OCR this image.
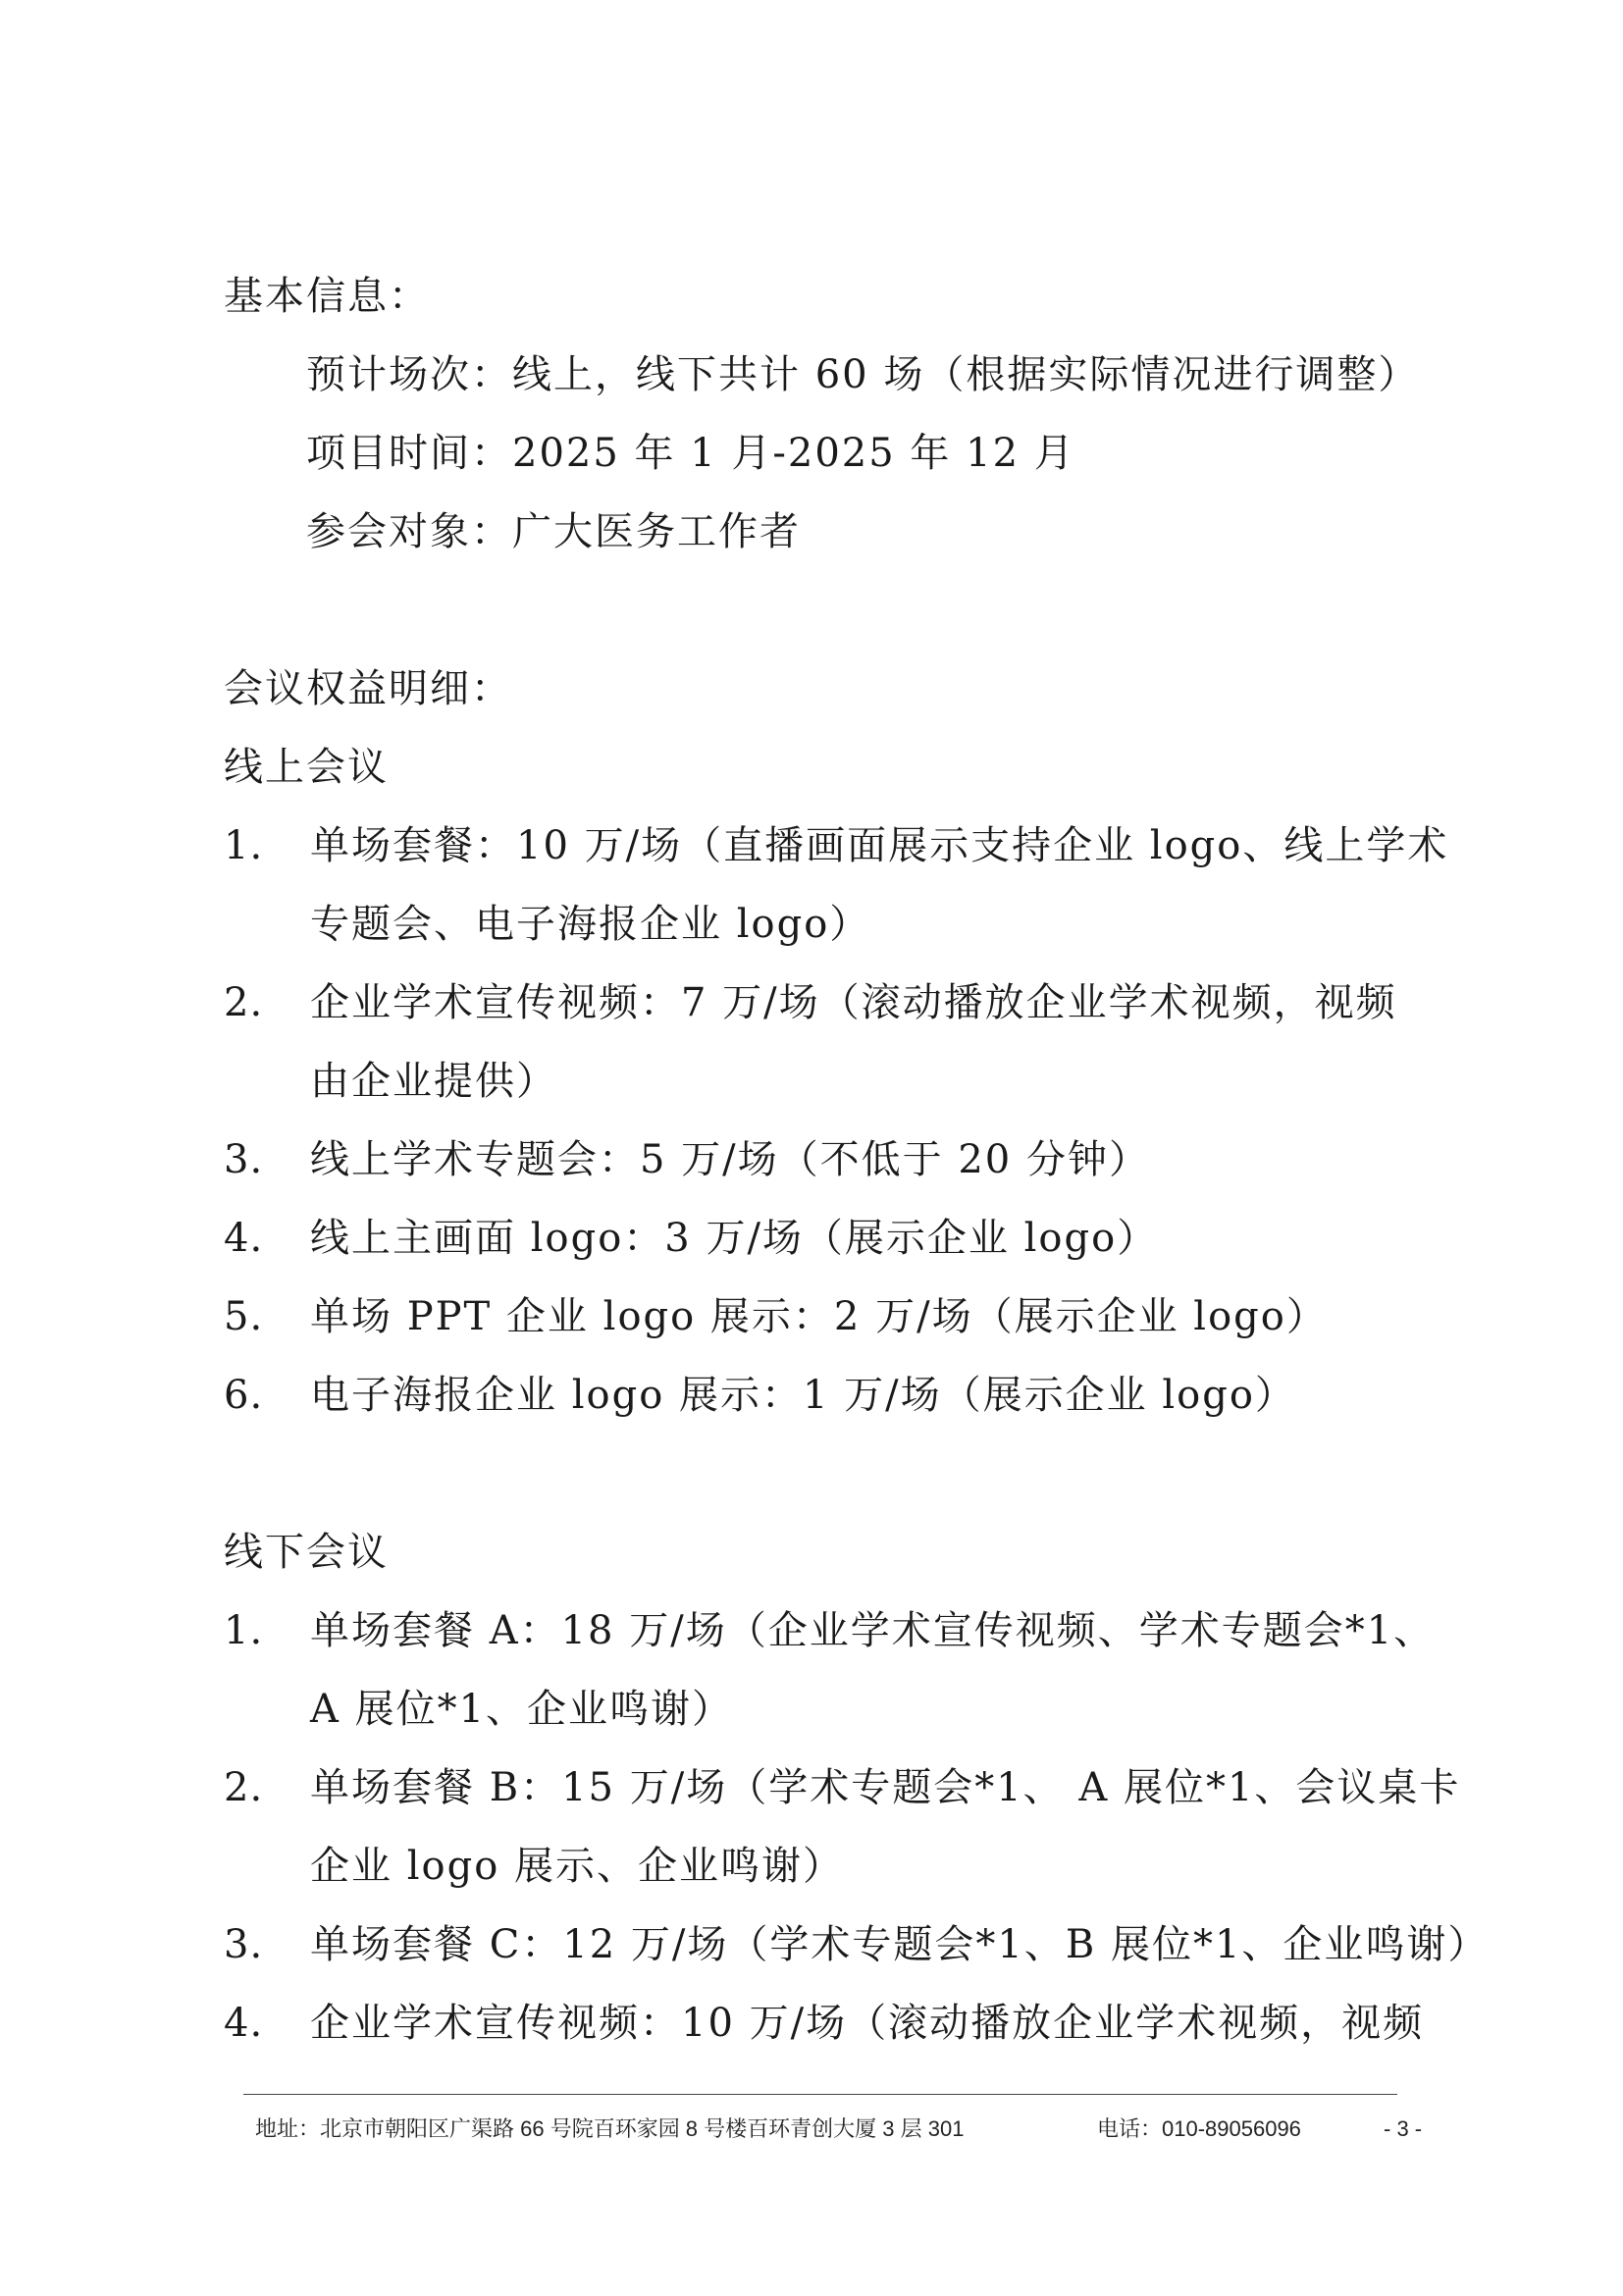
基本信息：
预计场次：线上，线下共计 60 场（根据实际情况进行调整）
项目时间：2025 年 1 月-2025 年 12 月
参会对象：广大医务工作者
会议权益明细：
线上会议
1. 单场套餐：10 万/场（直播画面展示支持企业 logo、线上学术
专题会、电子海报企业 logo）
2. 企业学术宣传视频：7 万/场（滚动播放企业学术视频，视频
由企业提供）
3. 线上学术专题会：5 万/场（不低于 20 分钟）
4. 线上主画面 logo：3 万/场（展示企业 logo）
5. 单场 PPT 企业 logo 展示：2 万/场（展示企业 logo）
6. 电子海报企业 logo 展示：1 万/场（展示企业 logo）
线下会议
1. 单场套餐 A：18 万/场（企业学术宣传视频、学术专题会*1、
A 展位*1、企业鸣谢）
2. 单场套餐 B：15 万/场（学术专题会*1、 A 展位*1、会议桌卡
企业 logo 展示、企业鸣谢）
3. 单场套餐 C：12 万/场（学术专题会*1、B 展位*1、企业鸣谢）
4. 企业学术宣传视频：10 万/场（滚动播放企业学术视频，视频
地址：北京市朝阳区广渠路 66 号院百环家园 8 号楼百环青创大厦 3 层 301	电话：010-89056096	- 3 -
